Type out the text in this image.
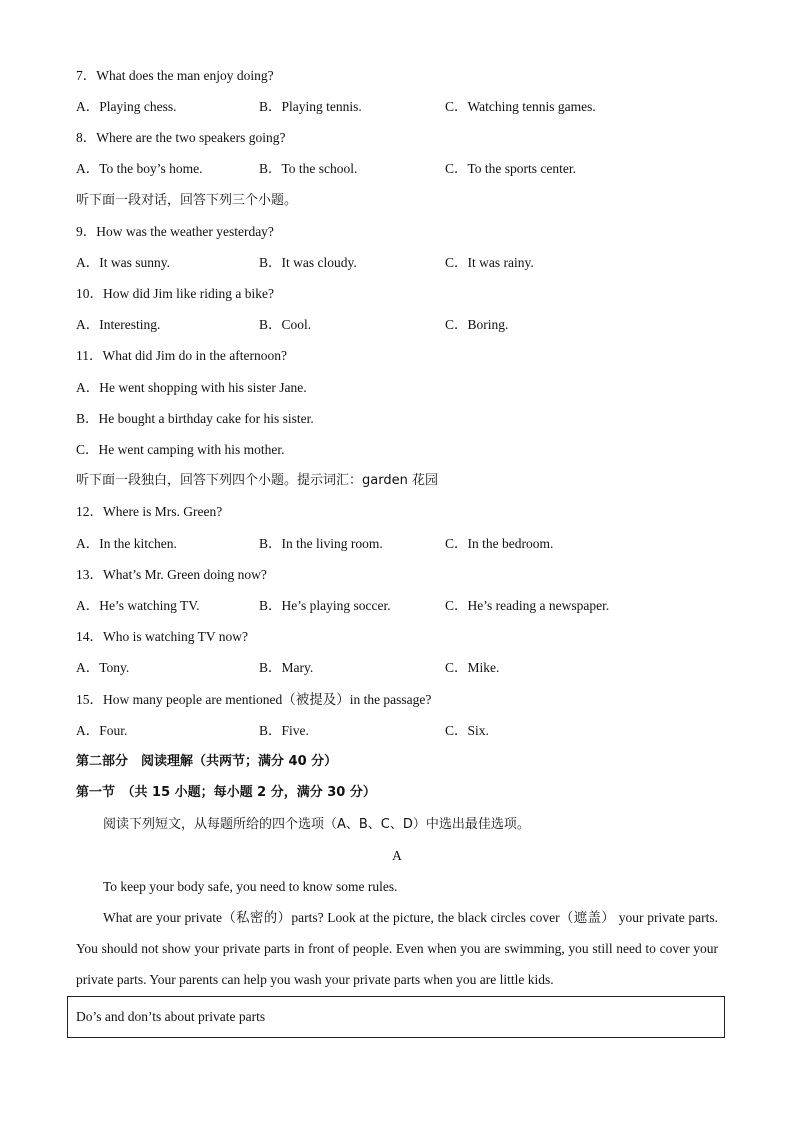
7．What does the man enjoy doing?
A．Playing chess.	B．Playing tennis.	C．Watching tennis games.
8．Where are the two speakers going?
A．To the boy’s home.	B．To the school.	C．To the sports center.
听下面一段对话，回答下列三个小题。
9．How was the weather yesterday?
A．It was sunny.	B．It was cloudy.	C．It was rainy.
10．How did Jim like riding a bike?
A．Interesting.	B．Cool.	C．Boring.
11．What did Jim do in the afternoon?
A．He went shopping with his sister Jane.
B．He bought a birthday cake for his sister.
C．He went camping with his mother.
听下面一段独白，回答下列四个小题。提示词汇：garden 花园
12．Where is Mrs. Green?
A．In the kitchen.	B．In the living room.	C．In the bedroom.
13．What’s Mr. Green doing now?
A．He’s watching TV.	B．He’s playing soccer.	C．He’s reading a newspaper.
14．Who is watching TV now?
A．Tony.	B．Mary.	C．Mike.
15．How many people are mentioned（被提及）in the passage?
A．Four.	B．Five.	C．Six.
第二部分　阅读理解（共两节；满分 40 分）
第一节　（共 15 小题；每小题 2 分，满分 30 分）
阅读下列短文，从每题所给的四个选项（A、B、C、D）中选出最佳选项。
A
To keep your body safe, you need to know some rules.
What are your private（私密的）parts? Look at the picture, the black circles cover（遮盖） your private parts. You should not show your private parts in front of people. Even when you are swimming, you still need to cover your private parts. Your parents can help you wash your private parts when you are little kids.
Do’s and don’ts about private parts
